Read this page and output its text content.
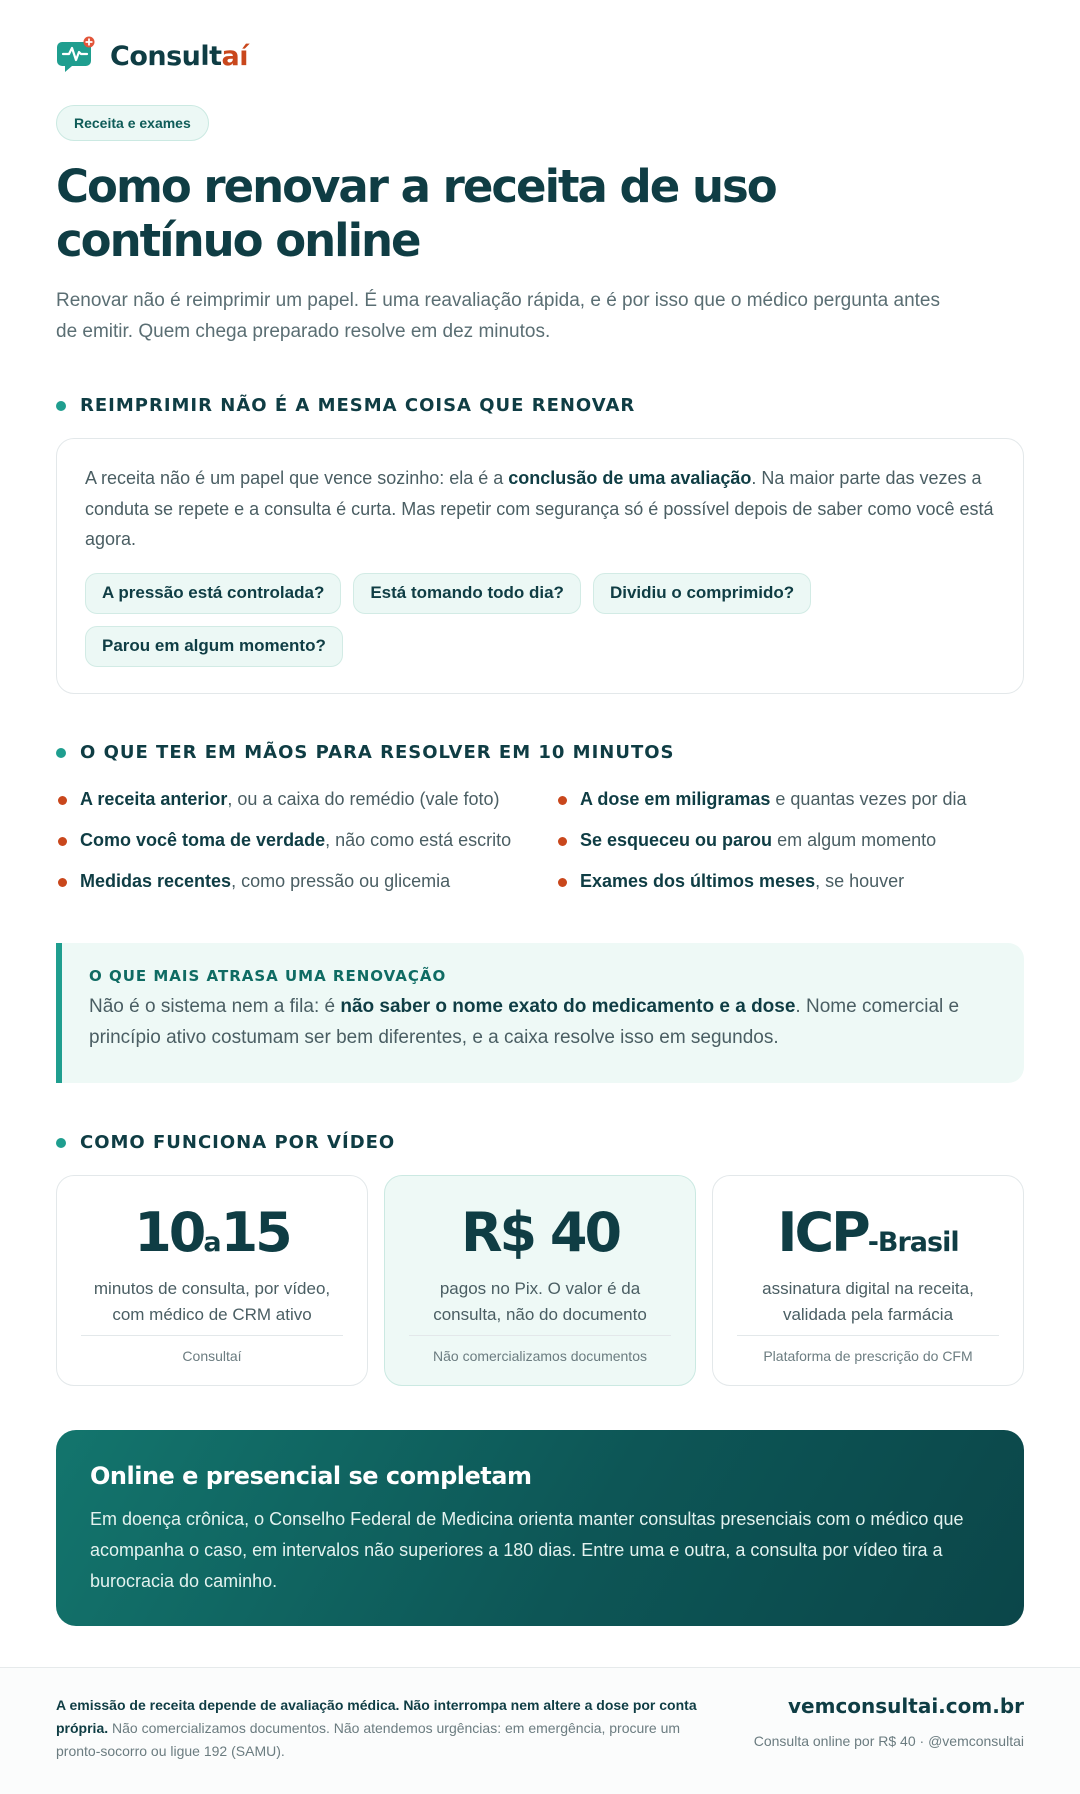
Consultaí
Receita e exames
Como renovar a receita de uso contínuo online

Renovar não é reimprimir um papel. É uma reavaliação rápida, e é por isso que o médico pergunta antes de emitir. Quem chega preparado resolve em dez minutos.

REIMPRIMIR NÃO É A MESMA COISA QUE RENOVAR

A receita não é um papel que vence sozinho: ela é a conclusão de uma avaliação. Na maior parte das vezes a conduta se repete e a consulta é curta. Mas repetir com segurança só é possível depois de saber como você está agora.

A pressão está controlada?	Está tomando todo dia?	Dividiu o comprimido?
Parou em algum momento?
O QUE TER EM MÃOS PARA RESOLVER EM 10 MINUTOS
A receita anterior, ou a caixa do remédio (vale foto)	A dose em miligramas e quantas vezes por dia
Como você toma de verdade, não como está escrito	Se esqueceu ou parou em algum momento
Medidas recentes, como pressão ou glicemia	Exames dos últimos meses, se houver
O QUE MAIS ATRASA UMA RENOVAÇÃO

Não é o sistema nem a fila: é não saber o nome exato do medicamento e a dose. Nome comercial e princípio ativo costumam ser bem diferentes, e a caixa resolve isso em segundos.

COMO FUNCIONA POR VÍDEO
10a15
minutos de consulta, por vídeo, com médico de CRM ativo
Consultaí
R$ 40
pagos no Pix. O valor é da consulta, não do documento
Não comercializamos documentos
ICP-Brasil
assinatura digital na receita, validada pela farmácia
Plataforma de prescrição do CFM
Online e presencial se completam

Em doença crônica, o Conselho Federal de Medicina orienta manter consultas presenciais com o médico que acompanha o caso, em intervalos não superiores a 180 dias. Entre uma e outra, a consulta por vídeo tira a burocracia do caminho.

A emissão de receita depende de avaliação médica. Não interrompa nem altere a dose por conta própria. Não comercializamos documentos. Não atendemos urgências: em emergência, procure um pronto-socorro ou ligue 192 (SAMU).

vemconsultai.com.br
Consulta online por R$ 40 · @vemconsultai
